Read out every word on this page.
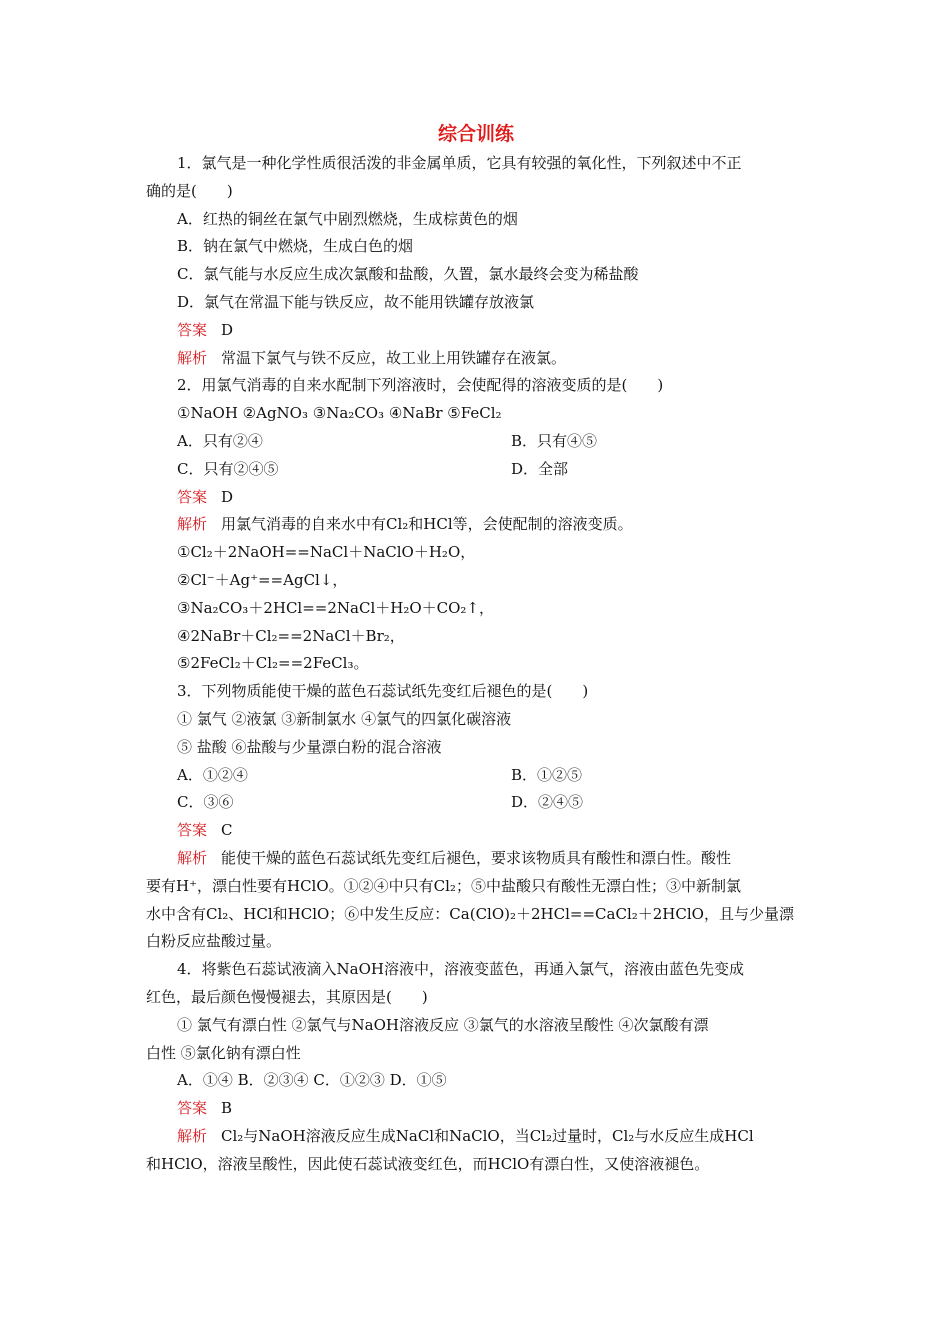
综合训练
1．氯气是一种化学性质很活泼的非金属单质，它具有较强的氧化性，下列叙述中不正
确的是(　　)
A．红热的铜丝在氯气中剧烈燃烧，生成棕黄色的烟
B．钠在氯气中燃烧，生成白色的烟
C．氯气能与水反应生成次氯酸和盐酸，久置，氯水最终会变为稀盐酸
D．氯气在常温下能与铁反应，故不能用铁罐存放液氯
答案 D
解析 常温下氯气与铁不反应，故工业上用铁罐存在液氯。
2．用氯气消毒的自来水配制下列溶液时，会使配得的溶液变质的是(　　)
①NaOH ②AgNO₃ ③Na₂CO₃ ④NaBr ⑤FeCl₂
A．只有②④	B．只有④⑤
C．只有②④⑤	D．全部
答案 D
解析 用氯气消毒的自来水中有Cl₂和HCl等，会使配制的溶液变质。
①Cl₂＋2NaOH==NaCl＋NaClO＋H₂O，
②Cl⁻＋Ag⁺==AgCl↓，
③Na₂CO₃＋2HCl==2NaCl＋H₂O＋CO₂↑，
④2NaBr＋Cl₂==2NaCl＋Br₂，
⑤2FeCl₂＋Cl₂==2FeCl₃。
3．下列物质能使干燥的蓝色石蕊试纸先变红后褪色的是(　　)
① 氯气 ②液氯 ③新制氯水 ④氯气的四氯化碳溶液
⑤ 盐酸 ⑥盐酸与少量漂白粉的混合溶液
A．①②④	B．①②⑤
C．③⑥	D．②④⑤
答案 C
解析 能使干燥的蓝色石蕊试纸先变红后褪色，要求该物质具有酸性和漂白性。酸性
要有H⁺，漂白性要有HClO。①②④中只有Cl₂；⑤中盐酸只有酸性无漂白性；③中新制氯
水中含有Cl₂、HCl和HClO；⑥中发生反应：Ca(ClO)₂＋2HCl==CaCl₂＋2HClO，且与少量漂
白粉反应盐酸过量。
4．将紫色石蕊试液滴入NaOH溶液中，溶液变蓝色，再通入氯气，溶液由蓝色先变成
红色，最后颜色慢慢褪去，其原因是(　　)
① 氯气有漂白性 ②氯气与NaOH溶液反应 ③氯气的水溶液呈酸性 ④次氯酸有漂
白性 ⑤氯化钠有漂白性
A．①④ B．②③④ C．①②③ D．①⑤
答案 B
解析 Cl₂与NaOH溶液反应生成NaCl和NaClO，当Cl₂过量时，Cl₂与水反应生成HCl
和HClO，溶液呈酸性，因此使石蕊试液变红色，而HClO有漂白性，又使溶液褪色。
